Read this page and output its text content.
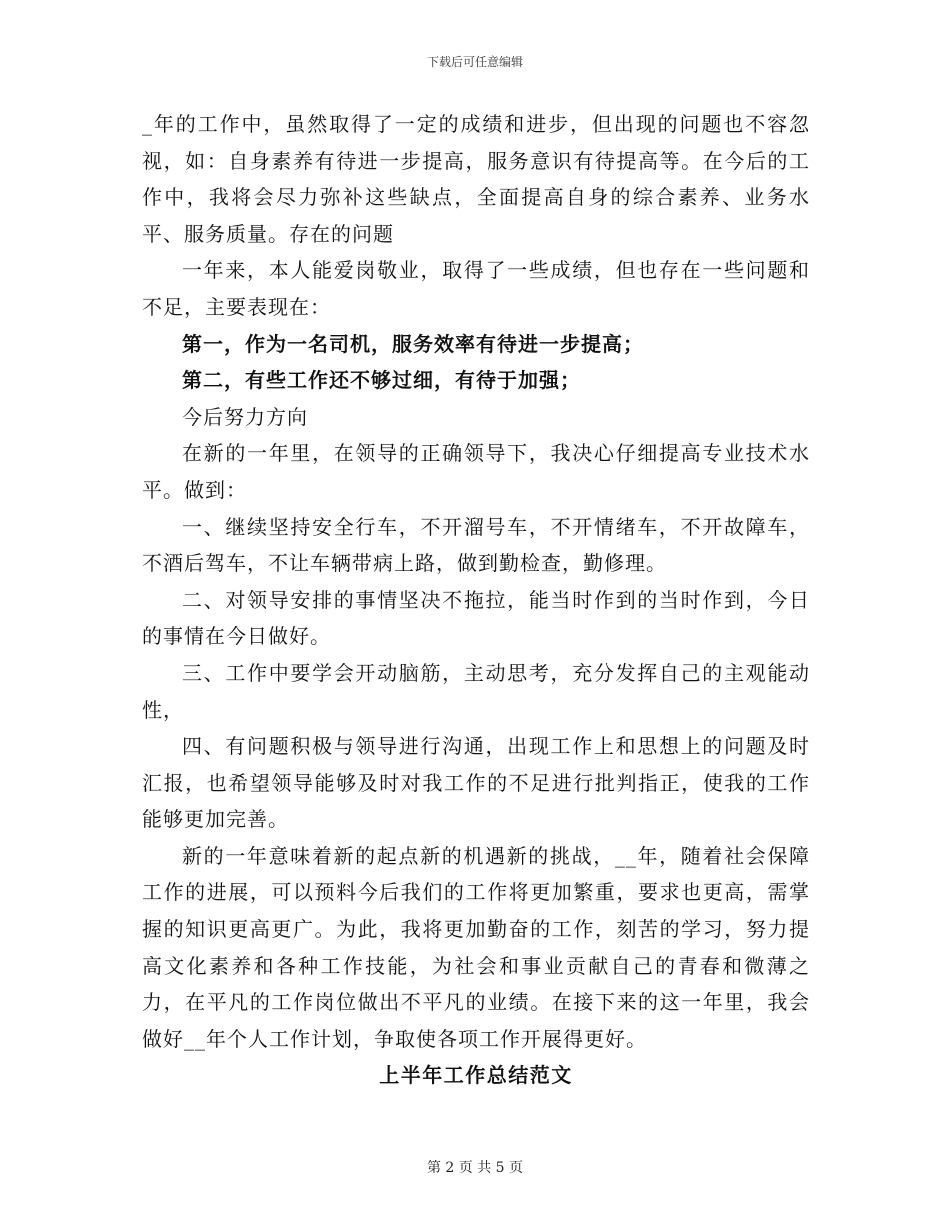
下载后可任意编辑

_年的工作中，虽然取得了一定的成绩和进步，但出现的问题也不容忽视，如：自身素养有待进一步提高，服务意识有待提高等。在今后的工作中，我将会尽力弥补这些缺点，全面提高自身的综合素养、业务水平、服务质量。存在的问题

一年来，本人能爱岗敬业，取得了一些成绩，但也存在一些问题和不足，主要表现在：

第一，作为一名司机，服务效率有待进一步提高；

第二，有些工作还不够过细，有待于加强；

今后努力方向

在新的一年里，在领导的正确领导下，我决心仔细提高专业技术水平。做到：

一、继续坚持安全行车，不开溜号车，不开情绪车，不开故障车，不酒后驾车，不让车辆带病上路，做到勤检查，勤修理。

二、对领导安排的事情坚决不拖拉，能当时作到的当时作到，今日的事情在今日做好。

三、工作中要学会开动脑筋，主动思考，充分发挥自己的主观能动性，

四、有问题积极与领导进行沟通，出现工作上和思想上的问题及时汇报，也希望领导能够及时对我工作的不足进行批判指正，使我的工作能够更加完善。

新的一年意味着新的起点新的机遇新的挑战，__年，随着社会保障工作的进展，可以预料今后我们的工作将更加繁重，要求也更高，需掌握的知识更高更广。为此，我将更加勤奋的工作，刻苦的学习，努力提高文化素养和各种工作技能，为社会和事业贡献自己的青春和微薄之力，在平凡的工作岗位做出不平凡的业绩。在接下来的这一年里，我会做好__年个人工作计划，争取使各项工作开展得更好。

上半年工作总结范文

第 2 页 共 5 页
